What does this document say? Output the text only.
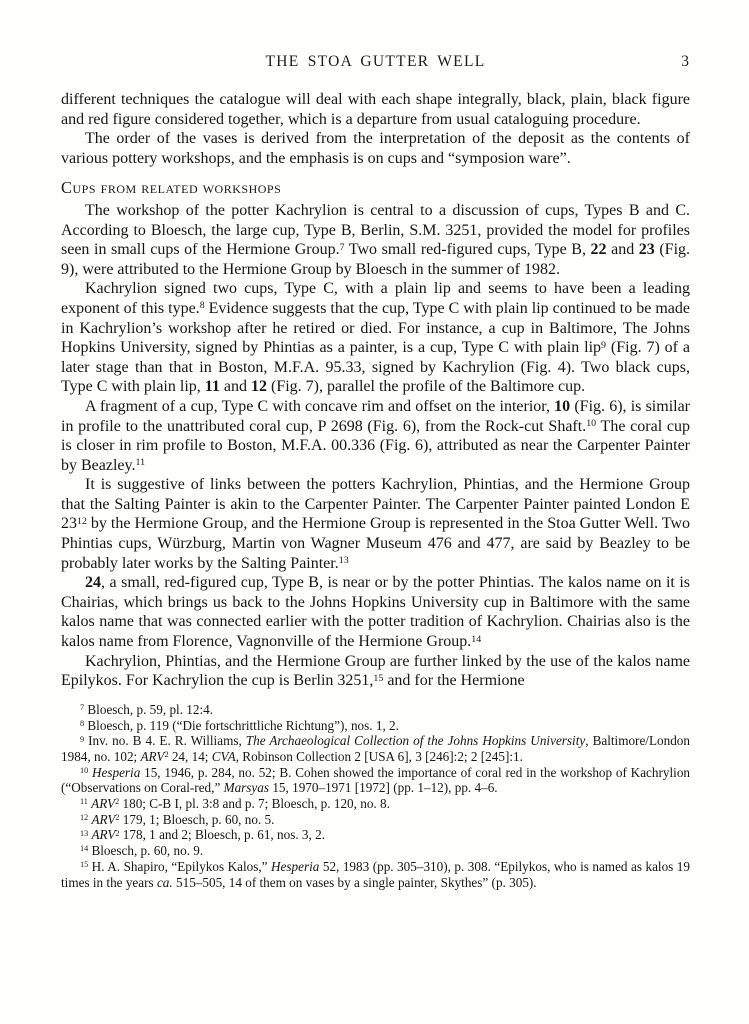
THE STOA GUTTER WELL	3

different techniques the catalogue will deal with each shape integrally, black, plain, black figure and red figure considered together, which is a departure from usual cataloguing procedure.

The order of the vases is derived from the interpretation of the deposit as the contents of various pottery workshops, and the emphasis is on cups and “symposion ware”.

Cups from related workshops

The workshop of the potter Kachrylion is central to a discussion of cups, Types B and C. According to Bloesch, the large cup, Type B, Berlin, S.M. 3251, provided the model for profiles seen in small cups of the Hermione Group.$^7$ Two small red-figured cups, Type B, 22 and 23 (Fig. 9), were attributed to the Hermione Group by Bloesch in the summer of 1982.

Kachrylion signed two cups, Type C, with a plain lip and seems to have been a leading exponent of this type.$^8$ Evidence suggests that the cup, Type C with plain lip continued to be made in Kachrylion’s workshop after he retired or died. For instance, a cup in Baltimore, The Johns Hopkins University, signed by Phintias as a painter, is a cup, Type C with plain lip$^9$ (Fig. 7) of a later stage than that in Boston, M.F.A. 95.33, signed by Kachrylion (Fig. 4). Two black cups, Type C with plain lip, 11 and 12 (Fig. 7), parallel the profile of the Baltimore cup.

A fragment of a cup, Type C with concave rim and offset on the interior, 10 (Fig. 6), is similar in profile to the unattributed coral cup, P 2698 (Fig. 6), from the Rock-cut Shaft.$^{10}$ The coral cup is closer in rim profile to Boston, M.F.A. 00.336 (Fig. 6), attributed as near the Carpenter Painter by Beazley.$^{11}$

It is suggestive of links between the potters Kachrylion, Phintias, and the Hermione Group that the Salting Painter is akin to the Carpenter Painter. The Carpenter Painter painted London E $23^{12}$ by the Hermione Group, and the Hermione Group is represented in the Stoa Gutter Well. Two Phintias cups, Würzburg, Martin von Wagner Museum 476 and 477, are said by Beazley to be probably later works by the Salting Painter.$^{13}$

24, a small, red-figured cup, Type B, is near or by the potter Phintias. The kalos name on it is Chairias, which brings us back to the Johns Hopkins University cup in Baltimore with the same kalos name that was connected earlier with the potter tradition of Kachrylion. Chairias also is the kalos name from Florence, Vagnonville of the Hermione Group.$^{14}$

Kachrylion, Phintias, and the Hermione Group are further linked by the use of the kalos name Epilykos. For Kachrylion the cup is Berlin 3251,15 and for the Hermione

$^7$ Bloesch, p. 59, pl. 12:4.

$^8$ Bloesch, p. 119 (“Die fortschrittliche Richtung”), nos. 1, 2.

$^9$ Inv. no. B 4. E. R. Williams, The Archaeological Collection of the Johns Hopkins University, Baltimore/London 1984, no. 102; ARV$^2$ 24, 14; CVA, Robinson Collection 2 [USA 6], 3 [246]:2; 2 [245]:1.

$^{10}$ Hesperia 15, 1946, p. 284, no. 52; B. Cohen showed the importance of coral red in the workshop of Kachrylion (“Observations on Coral-red,” Marsyas 15, 1970–1971 [1972] (pp. 1–12), pp. 4–6.

$^{11}$ ARV$^2$ 180; C-B I, pl. 3:8 and p. 7; Bloesch, p. 120, no. 8.

$^{12}$ ARV$^2$ 179, 1; Bloesch, p. 60, no. 5.

$^{13}$ ARV$^2$ 178, 1 and 2; Bloesch, p. 61, nos. 3, 2.

$^{14}$ Bloesch, p. 60, no. 9.

$^{15}$ H. A. Shapiro, “Epilykos Kalos,” Hesperia 52, 1983 (pp. 305–310), p. 308. “Epilykos, who is named as kalos 19 times in the years ca. 515–505, 14 of them on vases by a single painter, Skythes” (p. 305).
